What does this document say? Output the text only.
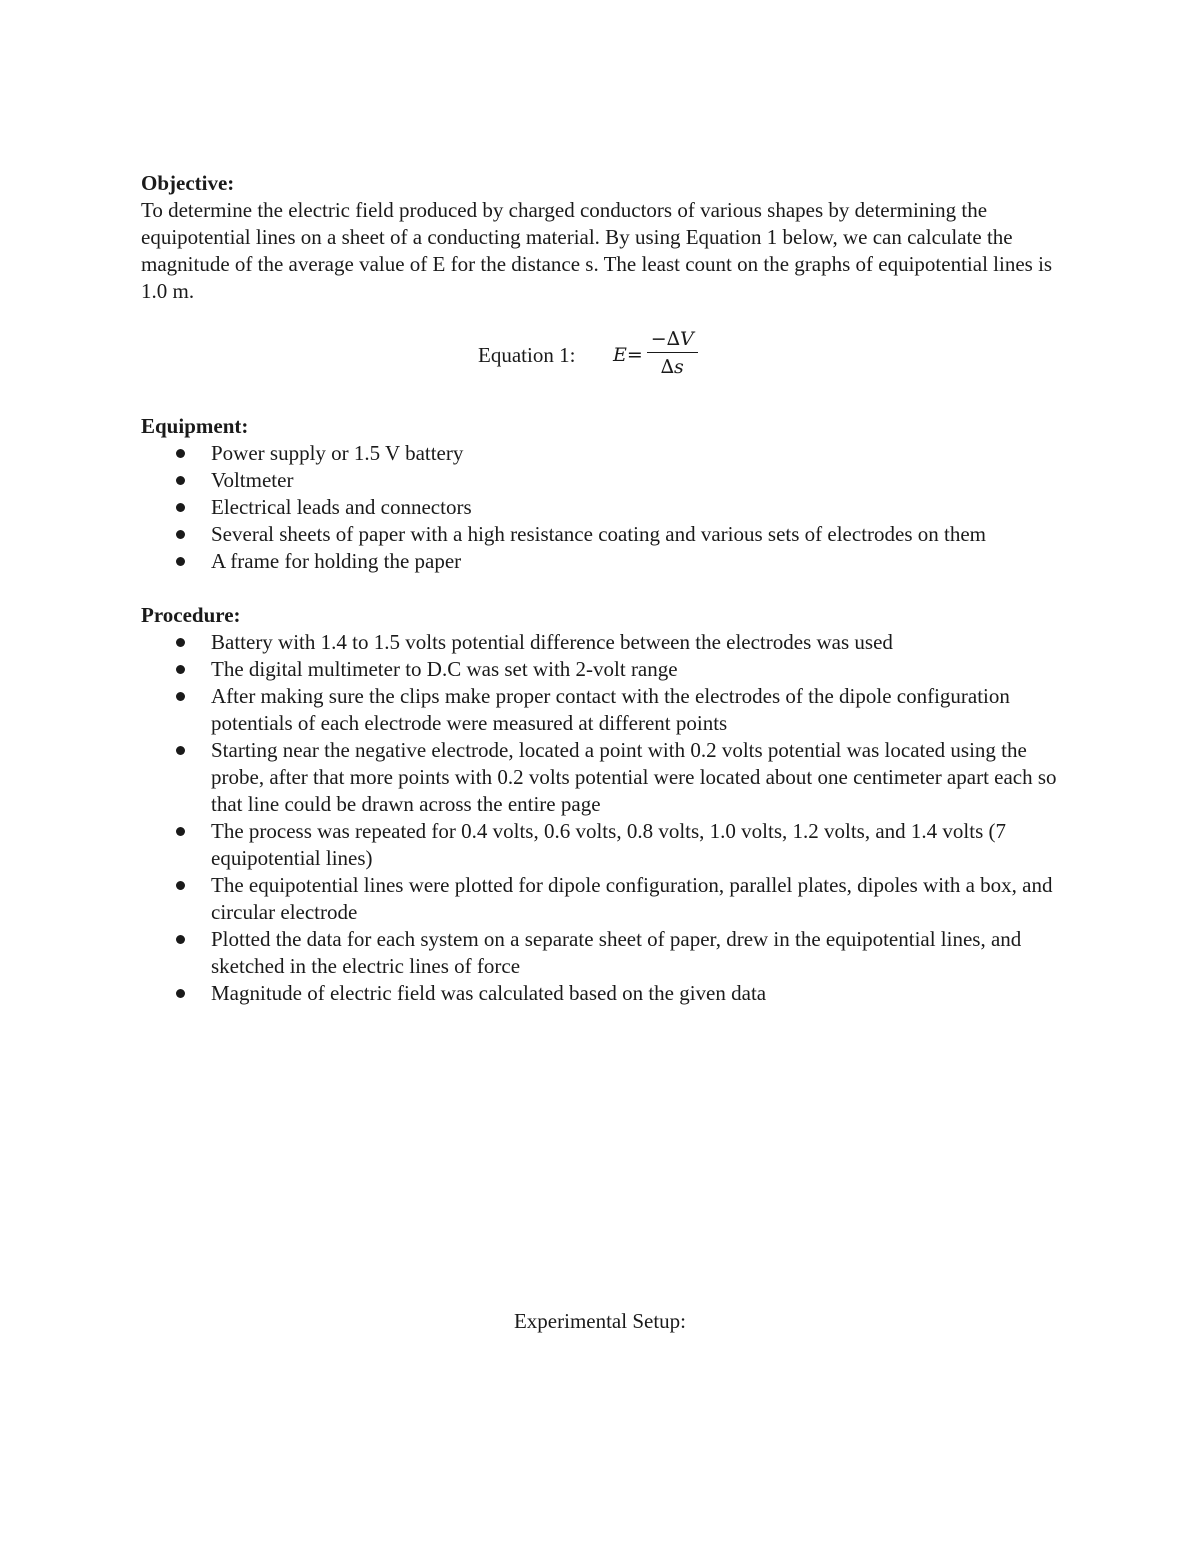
Objective:

To determine the electric field produced by charged conductors of various shapes by determining the equipotential lines on a sheet of a conducting material. By using Equation 1 below, we can calculate the magnitude of the average value of E for the distance s. The least count on the graphs of equipotential lines is 1.0 m.

Equation 1: $E= \frac{-\Delta V}{\Delta s}$

Equipment:

Power supply or 1.5 V battery
Voltmeter
Electrical leads and connectors
Several sheets of paper with a high resistance coating and various sets of electrodes on them
A frame for holding the paper

Procedure:

Battery with 1.4 to 1.5 volts potential difference between the electrodes was used
The digital multimeter to D.C was set with 2-volt range
After making sure the clips make proper contact with the electrodes of the dipole configuration potentials of each electrode were measured at different points
Starting near the negative electrode, located a point with 0.2 volts potential was located using the probe, after that more points with 0.2 volts potential were located about one centimeter apart each so that line could be drawn across the entire page
The process was repeated for 0.4 volts, 0.6 volts, 0.8 volts, 1.0 volts, 1.2 volts, and 1.4 volts (7 equipotential lines)
The equipotential lines were plotted for dipole configuration, parallel plates, dipoles with a box, and circular electrode
Plotted the data for each system on a separate sheet of paper, drew in the equipotential lines, and sketched in the electric lines of force
Magnitude of electric field was calculated based on the given data
Experimental Setup:
